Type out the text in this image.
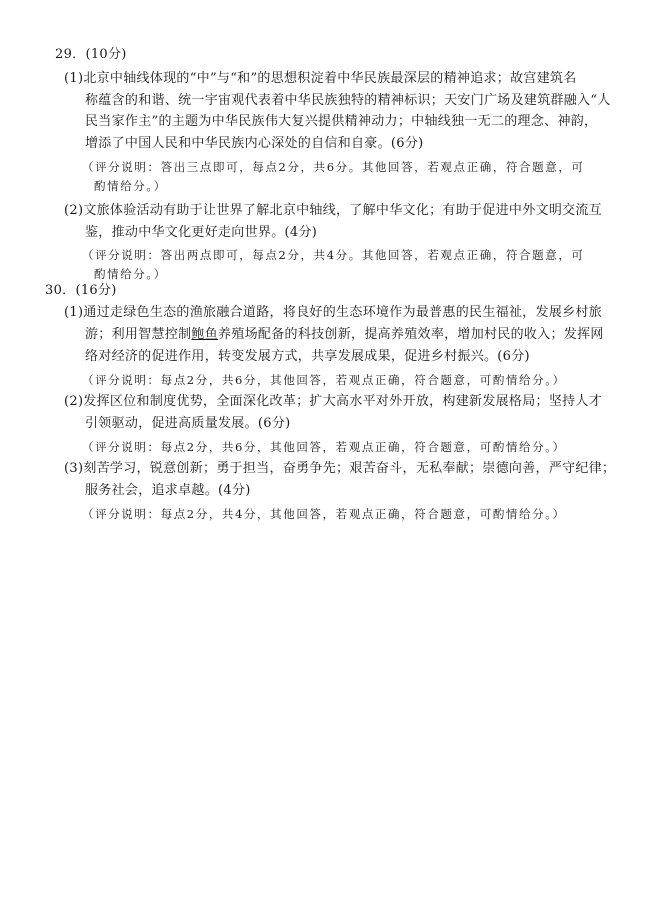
29．(10分)
(1)北京中轴线体现的“中”与“和”的思想积淀着中华民族最深层的精神追求；故宫建筑名
称蕴含的和谐、统一宇宙观代表着中华民族独特的精神标识；天安门广场及建筑群融入“人
民当家作主”的主题为中华民族伟大复兴提供精神动力；中轴线独一无二的理念、神韵，
增添了中国人民和中华民族内心深处的自信和自豪。(6分)
（评分说明：答出三点即可，每点2分，共6分。其他回答，若观点正确，符合题意，可
酌情给分。）
(2)文旅体验活动有助于让世界了解北京中轴线，了解中华文化；有助于促进中外文明交流互
鉴，推动中华文化更好走向世界。(4分)
（评分说明：答出两点即可，每点2分，共4分。其他回答，若观点正确，符合题意，可
酌情给分。）
30．(16分)
(1)通过走绿色生态的渔旅融合道路，将良好的生态环境作为最普惠的民生福祉，发展乡村旅
游；利用智慧控制鲍鱼养殖场配备的科技创新，提高养殖效率，增加村民的收入；发挥网
络对经济的促进作用，转变发展方式，共享发展成果，促进乡村振兴。(6分)
（评分说明：每点2分，共6分，其他回答，若观点正确，符合题意，可酌情给分。）
(2)发挥区位和制度优势，全面深化改革；扩大高水平对外开放，构建新发展格局；坚持人才
引领驱动，促进高质量发展。(6分)
（评分说明：每点2分，共6分，其他回答，若观点正确，符合题意，可酌情给分。）
(3)刻苦学习，锐意创新；勇于担当，奋勇争先；艰苦奋斗，无私奉献；崇德向善，严守纪律；
服务社会，追求卓越。(4分)
（评分说明：每点2分，共4分，其他回答，若观点正确，符合题意，可酌情给分。）
